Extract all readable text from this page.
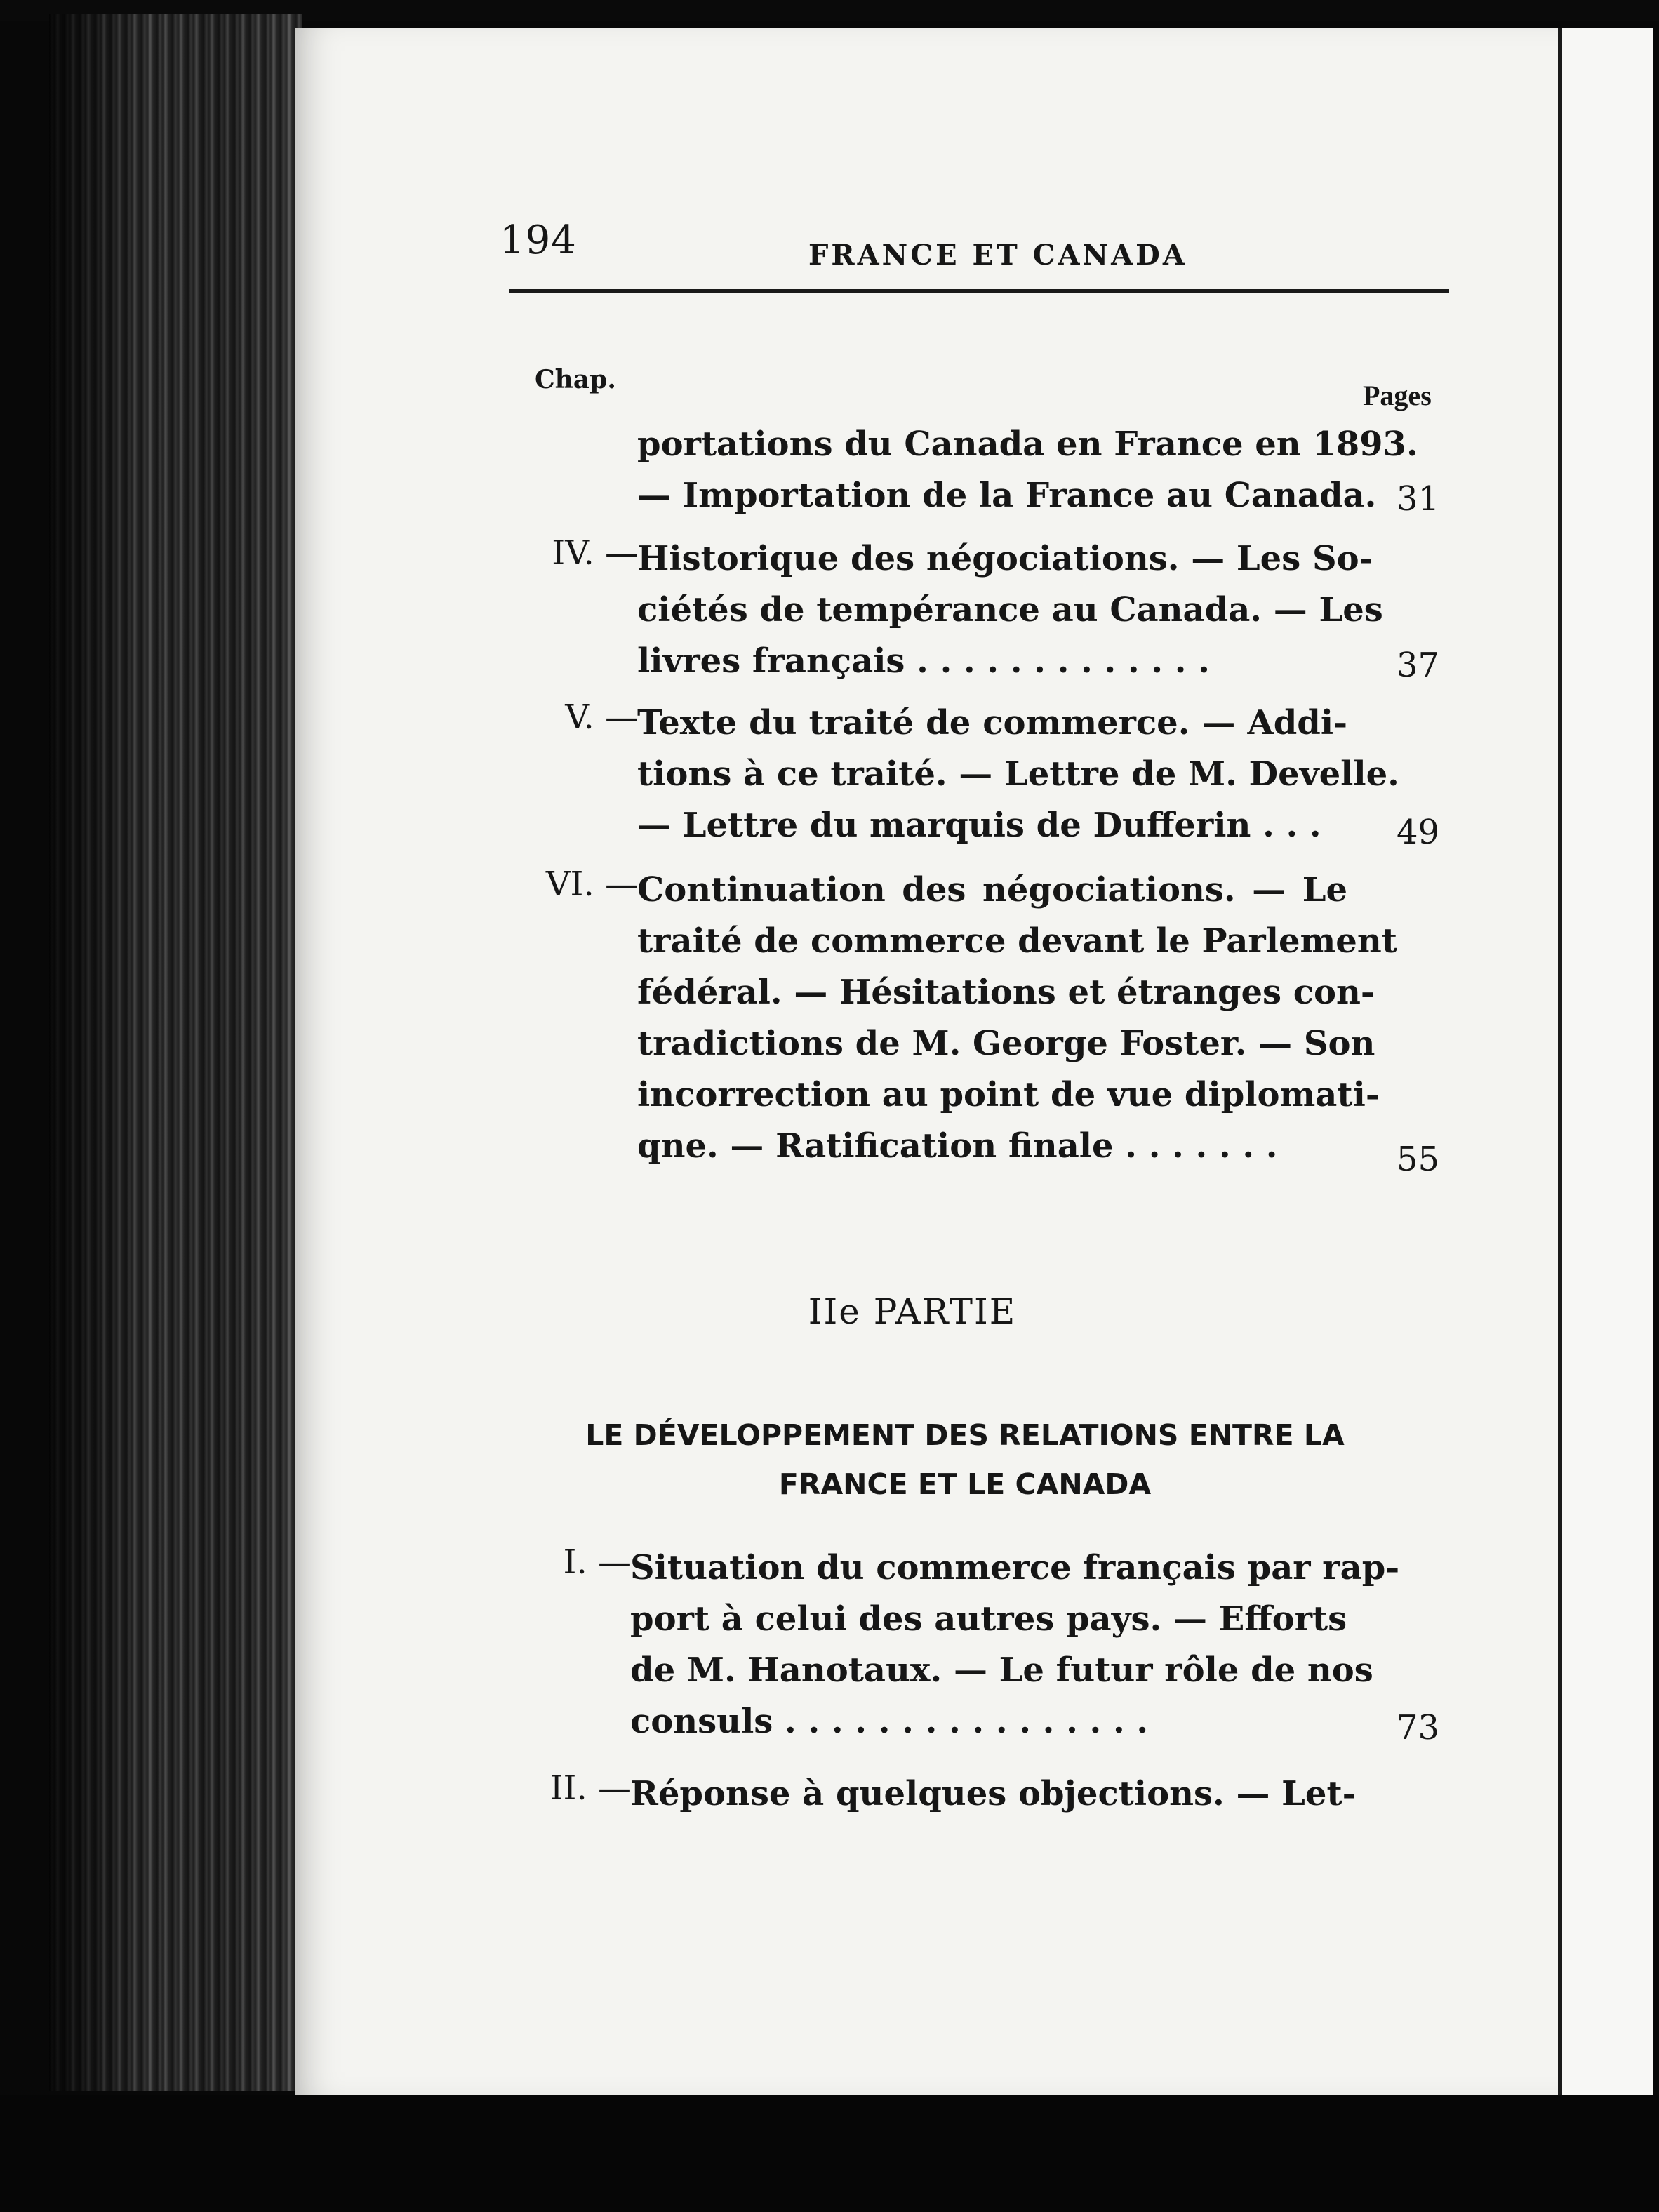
194	FRANCE ET CANADA
Chap.	Pages
portations du Canada en France en 1893.
— Importation de la France au Canada. 31
IV. —
Historique des négociations. — Les So-
ciétés de tempérance au Canada. — Les
livres français . . . . . . . . . . . . .	37
V. —
Texte du traité de commerce. — Addi-
tions à ce traité. — Lettre de M. Develle.
— Lettre du marquis de Dufferin . . .	49
VI. —
Continuation des négociations. — Le
traité de commerce devant le Parlement
fédéral. — Hésitations et étranges con-
tradictions de M. George Foster. — Son
incorrection au point de vue diplomati-
qne. — Ratification finale . . . . . . .	55
IIe PARTIE
LE DÉVELOPPEMENT DES RELATIONS ENTRE LA
FRANCE ET LE CANADA
I. —
Situation du commerce français par rap-
port à celui des autres pays. — Efforts
de M. Hanotaux. — Le futur rôle de nos
consuls . . . . . . . . . . . . . . . .	73
II. —
Réponse à quelques objections. — Let-
